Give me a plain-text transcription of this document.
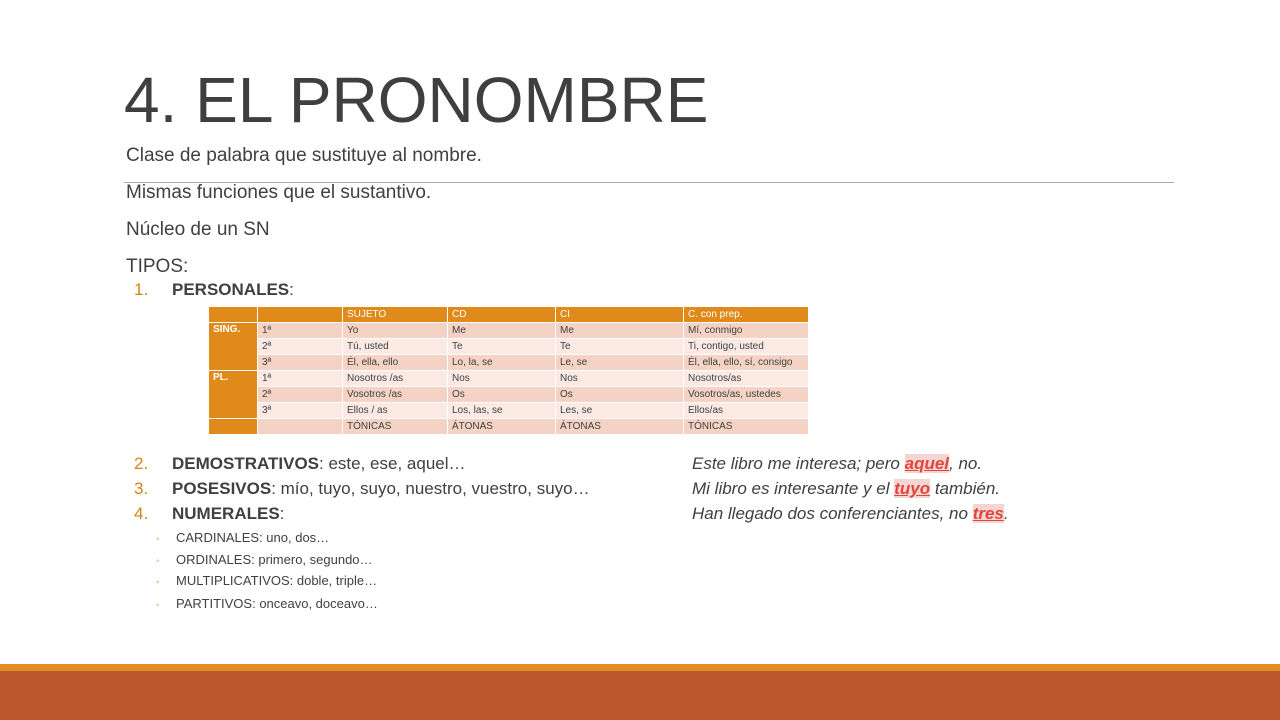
4. EL PRONOMBRE
Clase de palabra que sustituye al nombre.
Mismas funciones que el sustantivo.
Núcleo de un SN
TIPOS:
1. PERSONALES:
		SUJETO	CD	CI	C. con prep.
SING.	1ª	Yo	Me	Me	Mí, conmigo
	2ª	Tú, usted	Te	Te	Ti, contigo, usted
	3ª	Él, ella, ello	Lo, la, se	Le, se	Él, ella, ello, sí, consigo
PL.	1ª	Nosotros /as	Nos	Nos	Nosotros/as
	2ª	Vosotros /as	Os	Os	Vosotros/as, ustedes
	3ª	Ellos / as	Los, las, se	Les, se	Ellos/as
		TÓNICAS	ÁTONAS	ÁTONAS	TÓNICAS
2. DEMOSTRATIVOS: este, ese, aquel…
3. POSESIVOS: mío, tuyo, suyo, nuestro, vuestro, suyo…
4. NUMERALES:
Este libro me interesa; pero aquel, no.
Mi libro es interesante y el tuyo también.
Han llegado dos conferenciantes, no tres.
◦ CARDINALES: uno, dos…
◦ ORDINALES: primero, segundo…
◦ MULTIPLICATIVOS: doble, triple…
◦ PARTITIVOS: onceavo, doceavo…
